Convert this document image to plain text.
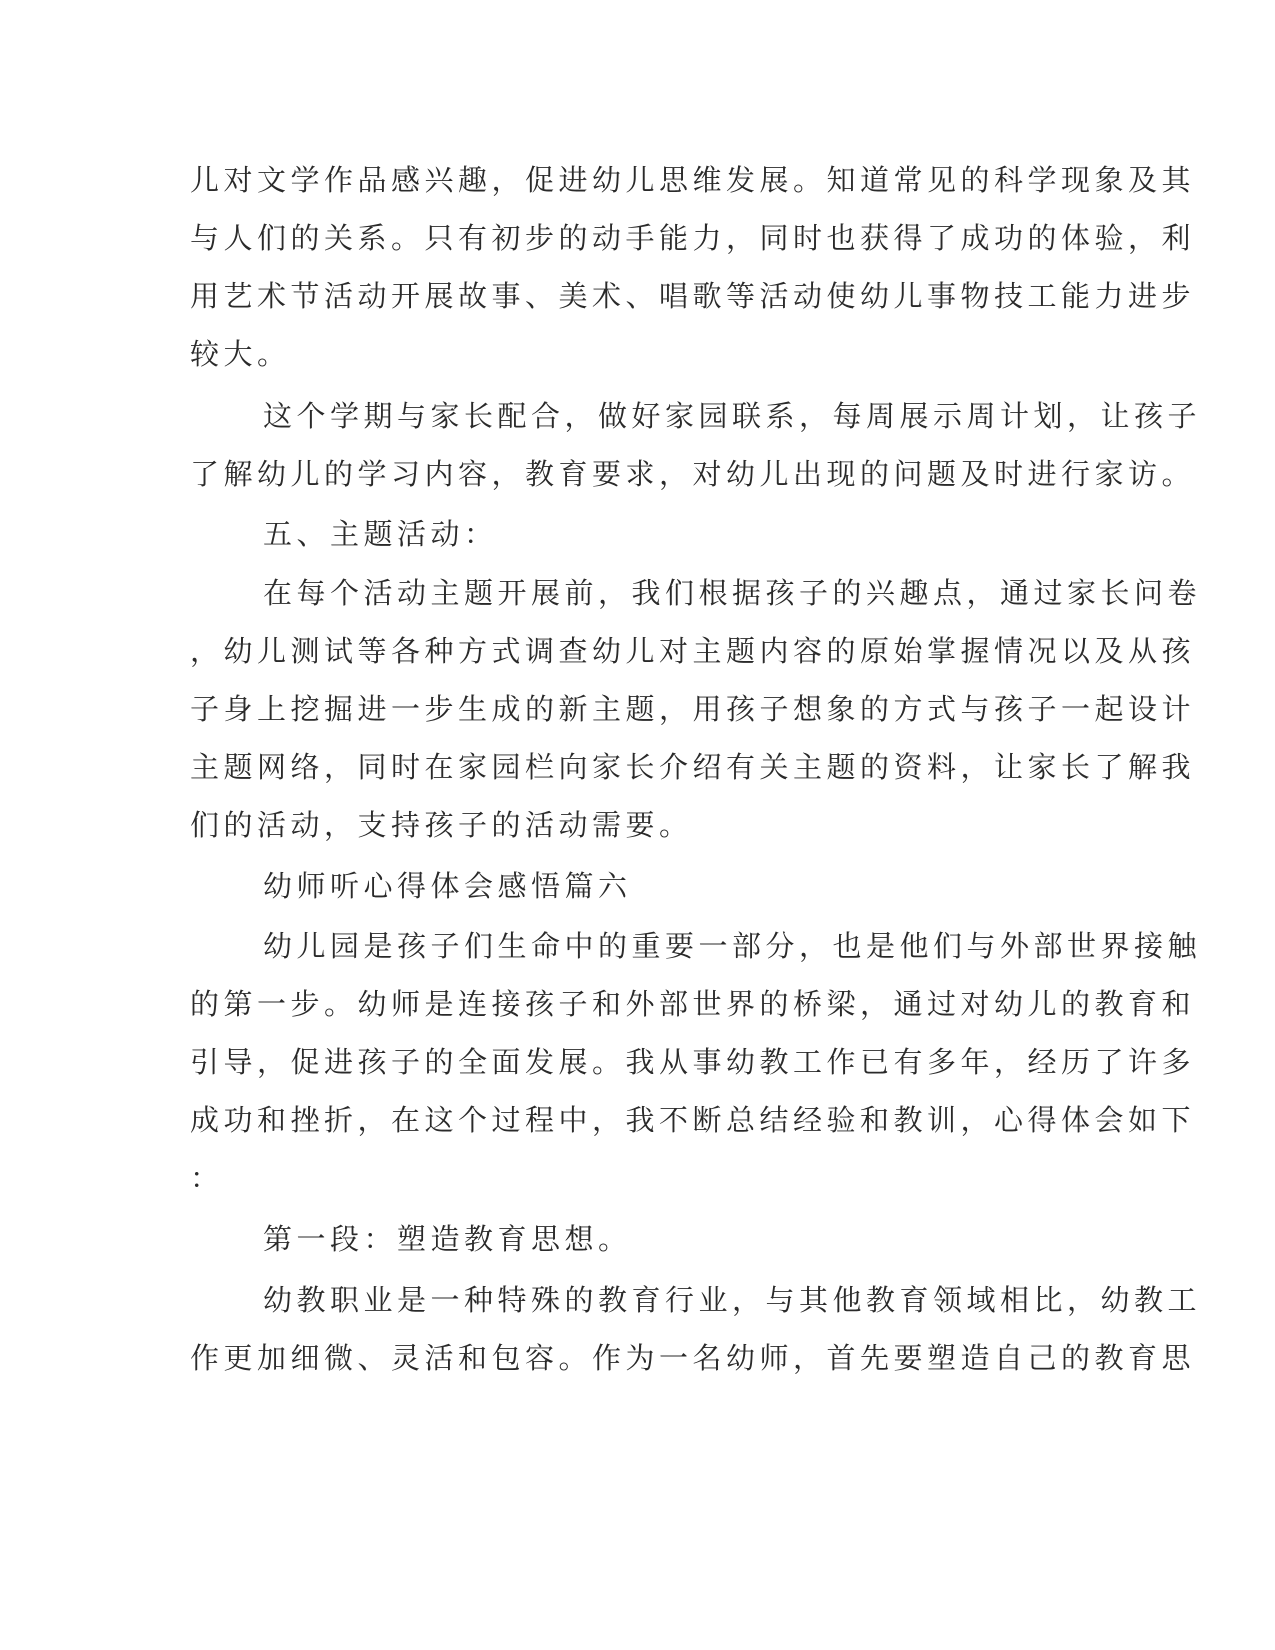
儿对文学作品感兴趣，促进幼儿思维发展。知道常见的科学现象及其
与人们的关系。只有初步的动手能力，同时也获得了成功的体验，利
用艺术节活动开展故事、美术、唱歌等活动使幼儿事物技工能力进步
较大。
这个学期与家长配合，做好家园联系，每周展示周计划，让孩子
了解幼儿的学习内容，教育要求，对幼儿出现的问题及时进行家访。
五、主题活动：
在每个活动主题开展前，我们根据孩子的兴趣点，通过家长问卷
，幼儿测试等各种方式调查幼儿对主题内容的原始掌握情况以及从孩
子身上挖掘进一步生成的新主题，用孩子想象的方式与孩子一起设计
主题网络，同时在家园栏向家长介绍有关主题的资料，让家长了解我
们的活动，支持孩子的活动需要。
幼师听心得体会感悟篇六
幼儿园是孩子们生命中的重要一部分，也是他们与外部世界接触
的第一步。幼师是连接孩子和外部世界的桥梁，通过对幼儿的教育和
引导，促进孩子的全面发展。我从事幼教工作已有多年，经历了许多
成功和挫折，在这个过程中，我不断总结经验和教训，心得体会如下
：
第一段：塑造教育思想。
幼教职业是一种特殊的教育行业，与其他教育领域相比，幼教工
作更加细微、灵活和包容。作为一名幼师，首先要塑造自己的教育思
